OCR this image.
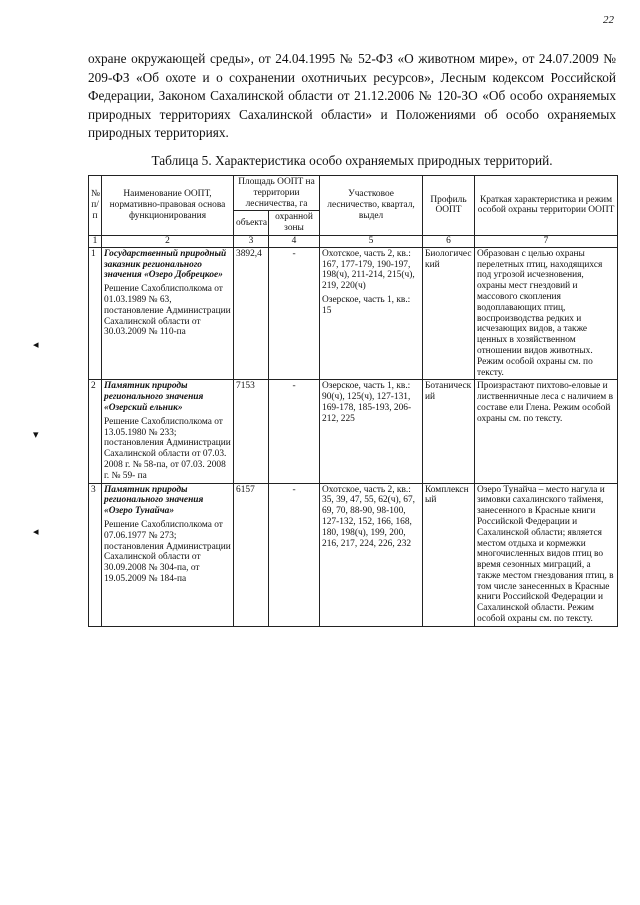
22

охране окружающей среды», от 24.04.1995 № 52-ФЗ «О животном мире», от 24.07.2009 № 209-ФЗ «Об охоте и о сохранении охотничьих ресурсов», Лесным кодексом Российской Федерации, Законом Сахалинской области от 21.12.2006 № 120-ЗО «Об особо охраняемых природных территориях Сахалинской области» и Положениями об особо охраняемых природных территориях.

Таблица 5. Характеристика особо охраняемых природных территорий.

№ п/п	Наименование ООПТ, нормативно-правовая основа функционирования	Площадь ООПТ на территории лесничества, га		Участковое лесничество, квартал, выдел	Профиль ООПТ	Краткая характеристика и режим особой охраны территории ООПТ
		объекта	охранной зоны			
1	2	3	4	5	6	7
1	Государственный природный заказник регионального значения «Озеро Добрецкое»
Решение Сахоблисполкома от 01.03.1989 № 63, постановление Администрации Сахалинской области от 30.03.2009 № 110-па	3892,4	-	Охотское, часть 2, кв.: 167, 177-179, 190-197, 198(ч), 211-214, 215(ч), 219, 220(ч)
Озерское, часть 1, кв.: 15	Биологический	Образован с целью охраны перелетных птиц, находящихся под угрозой исчезновения, охраны мест гнездовий и массового скопления водоплавающих птиц, воспроизводства редких и исчезающих видов, а также ценных в хозяйственном отношении видов животных. Режим особой охраны см. по тексту.
2	Памятник природы регионального значения «Озерский ельник»
Решение Сахоблисполкома от 13.05.1980 № 233; постановления Администрации Сахалинской области от 07.03. 2008 г. № 58-па, от 07.03. 2008 г. № 59- па	7153	-	Озерское, часть 1, кв.: 90(ч), 125(ч), 127-131, 169-178, 185-193, 206-212, 225	Ботанический	Произрастают пихтово-еловые и лиственничные леса с наличием в составе ели Глена. Режим особой охраны см. по тексту.
3	Памятник природы регионального значения «Озеро Тунайча»
Решение Сахоблисполкома от 07.06.1977 № 273; постановления Администрации Сахалинской области от 30.09.2008 № 304-па, от 19.05.2009 № 184-па	6157	-	Охотское, часть 2, кв.: 35, 39, 47, 55, 62(ч), 67, 69, 70, 88-90, 98-100, 127-132, 152, 166, 168, 180, 198(ч), 199, 200, 216, 217, 224, 226, 232	Комплексный	Озеро Тунайча – место нагула и зимовки сахалинского тайменя, занесенного в Красные книги Российской Федерации и Сахалинской области; является местом отдыха и кормежки многочисленных видов птиц во время сезонных миграций, а также местом гнездования птиц, в том числе занесенных в Красные книги Российской Федерации и Сахалинской области. Режим особой охраны см. по тексту.
◂
▾
◂
